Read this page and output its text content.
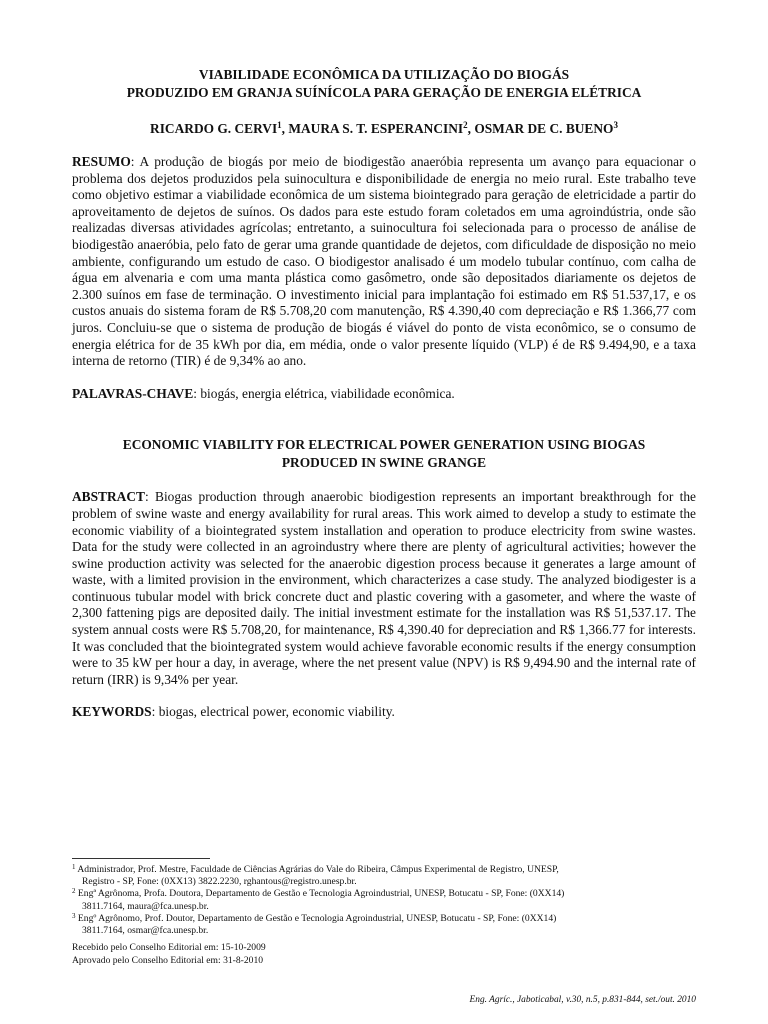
VIABILIDADE ECONÔMICA DA UTILIZAÇÃO DO BIOGÁS
PRODUZIDO EM GRANJA SUÍNÍCOLA PARA GERAÇÃO DE ENERGIA ELÉTRICA
RICARDO G. CERVI$^1$, MAURA S. T. ESPERANCINI$^2$, OSMAR DE C. BUENO$^3$

RESUMO: A produção de biogás por meio de biodigestão anaeróbia representa um avanço para equacionar o problema dos dejetos produzidos pela suinocultura e disponibilidade de energia no meio rural. Este trabalho teve como objetivo estimar a viabilidade econômica de um sistema biointegrado para geração de eletricidade a partir do aproveitamento de dejetos de suínos. Os dados para este estudo foram coletados em uma agroindústria, onde são realizadas diversas atividades agrícolas; entretanto, a suinocultura foi selecionada para o processo de análise de biodigestão anaeróbia, pelo fato de gerar uma grande quantidade de dejetos, com dificuldade de disposição no meio ambiente, configurando um estudo de caso. O biodigestor analisado é um modelo tubular contínuo, com calha de água em alvenaria e com uma manta plástica como gasômetro, onde são depositados diariamente os dejetos de 2.300 suínos em fase de terminação. O investimento inicial para implantação foi estimado em R$ 51.537,17, e os custos anuais do sistema foram de R$ 5.708,20 com manutenção, R$ 4.390,40 com depreciação e R$ 1.366,77 com juros. Concluiu-se que o sistema de produção de biogás é viável do ponto de vista econômico, se o consumo de energia elétrica for de 35 kWh por dia, em média, onde o valor presente líquido (VLP) é de R$ 9.494,90, e a taxa interna de retorno (TIR) é de 9,34% ao ano.

PALAVRAS-CHAVE: biogás, energia elétrica, viabilidade econômica.

ECONOMIC VIABILITY FOR ELECTRICAL POWER GENERATION USING BIOGAS
PRODUCED IN SWINE GRANGE

ABSTRACT: Biogas production through anaerobic biodigestion represents an important breakthrough for the problem of swine waste and energy availability for rural areas. This work aimed to develop a study to estimate the economic viability of a biointegrated system installation and operation to produce electricity from swine wastes. Data for the study were collected in an agroindustry where there are plenty of agricultural activities; however the swine production activity was selected for the anaerobic digestion process because it generates a large amount of waste, with a limited provision in the environment, which characterizes a case study. The analyzed biodigester is a continuous tubular model with brick concrete duct and plastic covering with a gasometer, and where the waste of 2,300 fattening pigs are deposited daily. The initial investment estimate for the installation was R$ 51,537.17. The system annual costs were R$ 5.708,20, for maintenance, R$ 4,390.40 for depreciation and R$ 1,366.77 for interests. It was concluded that the biointegrated system would achieve favorable economic results if the energy consumption were to 35 kW per hour a day, in average, where the net present value (NPV) is R$ 9,494.90 and the internal rate of return (IRR) is 9,34% per year.

KEYWORDS: biogas, electrical power, economic viability.

$^1$ Administrador, Prof. Mestre, Faculdade de Ciências Agrárias do Vale do Ribeira, Câmpus Experimental de Registro, UNESP,
Registro - SP, Fone: (0XX13) 3822.2230, rghantous@registro.unesp.br.

$^2$ Engª Agrônoma, Profa. Doutora, Departamento de Gestão e Tecnologia Agroindustrial, UNESP, Botucatu - SP, Fone: (0XX14)
3811.7164, maura@fca.unesp.br.

$^3$ Engº Agrônomo, Prof. Doutor, Departamento de Gestão e Tecnologia Agroindustrial, UNESP, Botucatu - SP, Fone: (0XX14)
3811.7164, osmar@fca.unesp.br.

Recebido pelo Conselho Editorial em: 15-10-2009
Aprovado pelo Conselho Editorial em: 31-8-2010
Eng. Agríc., Jaboticabal, v.30, n.5, p.831-844, set./out. 2010
